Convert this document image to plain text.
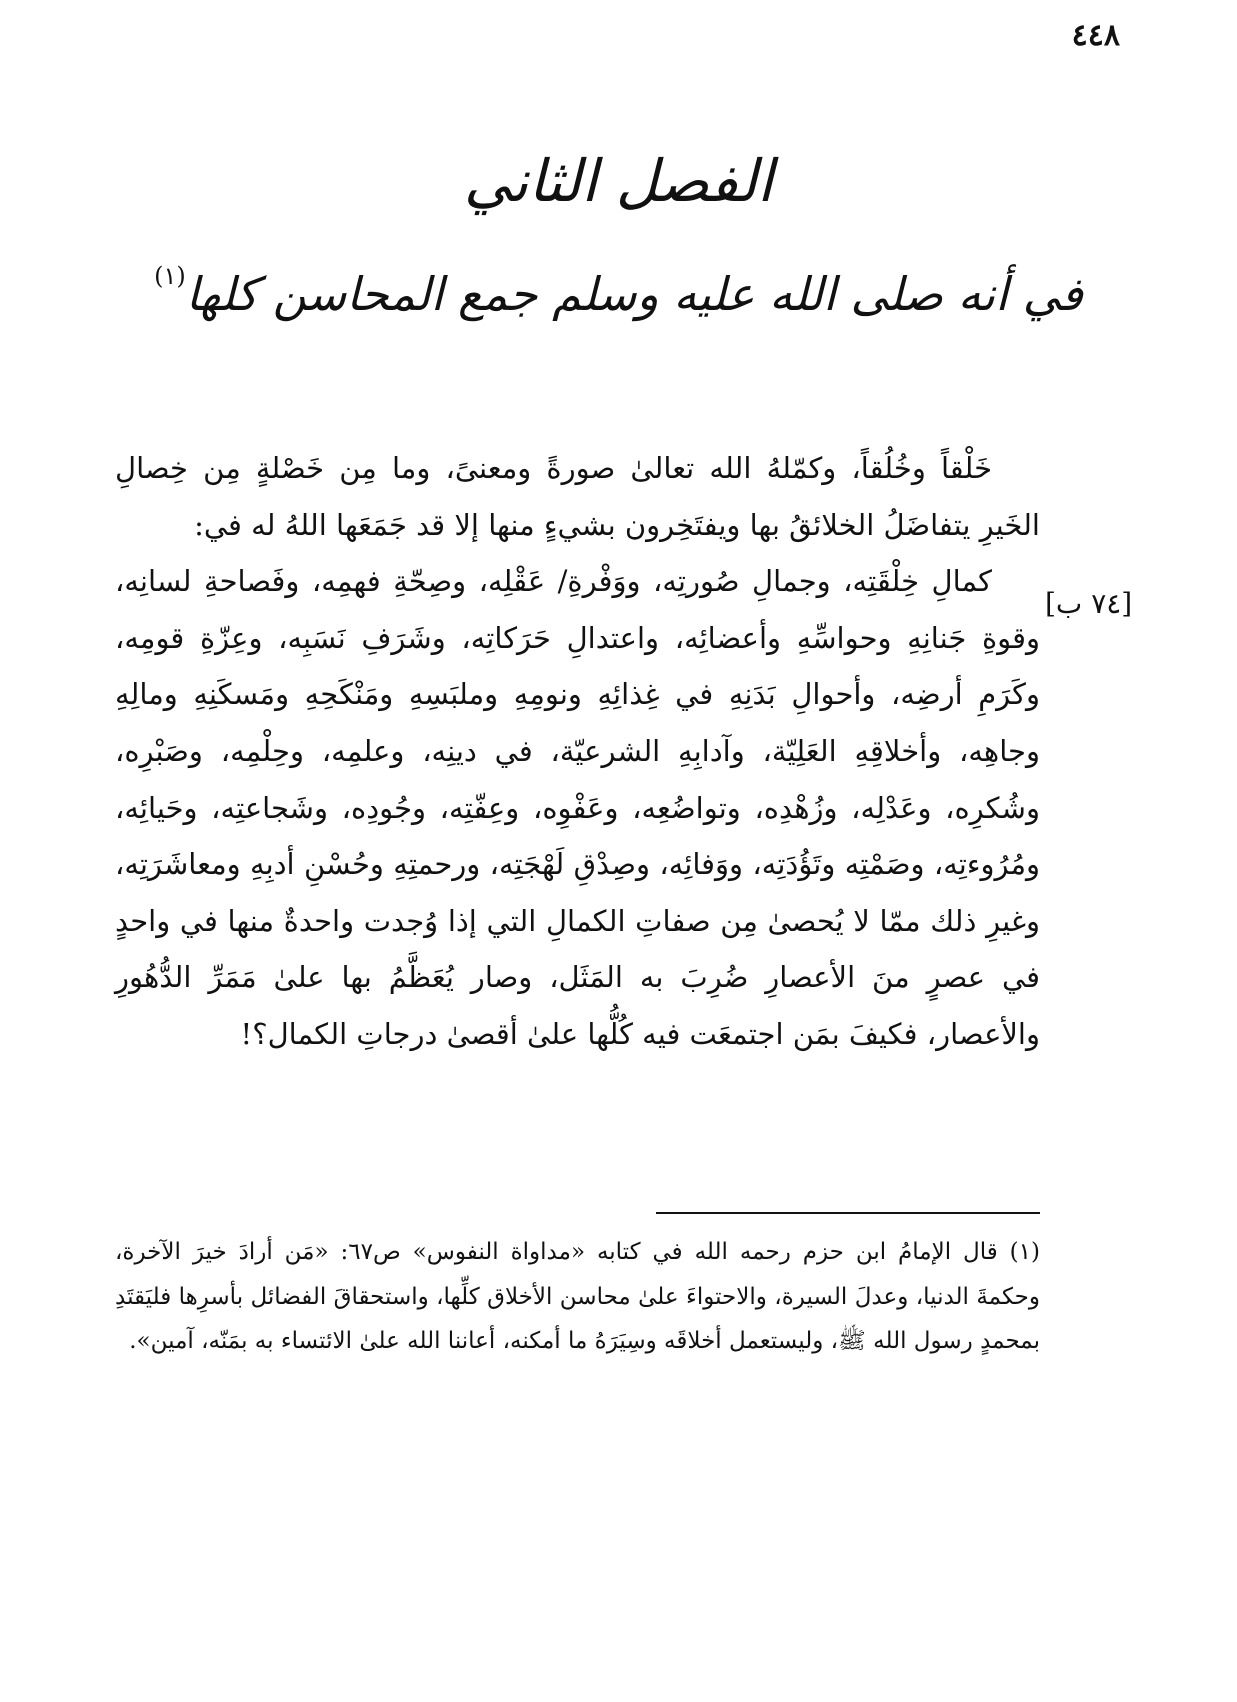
٤٤٨
الفصل الثاني
في أنه صلى الله عليه وسلم جمع المحاسن كلها$^{(١)}$
[٧٤ ب]

خَلْقاً وخُلُقاً، وكمّلهُ الله تعالىٰ صورةً ومعنىً، وما مِن خَصْلةٍ مِن خِصالِ الخَيرِ يتفاضَلُ الخلائقُ بها ويفتَخِرون بشيءٍ منها إلا قد جَمَعَها اللهُ له في:

كمالِ خِلْقَتِه، وجمالِ صُورتِه، ووَفْرةِ/ عَقْلِه، وصِحّةِ فهمِه، وفَصاحةِ لسانِه، وقوةِ جَنانِهِ وحواسِّهِ وأعضائِه، واعتدالِ حَرَكاتِه، وشَرَفِ نَسَبِه، وعِزّةِ قومِه، وكَرَمِ أرضِه، وأحوالِ بَدَنِهِ في غِذائِهِ ونومِهِ وملبَسِهِ ومَنْكَحِهِ ومَسكَنِهِ ومالِهِ وجاهِه، وأخلاقِهِ العَلِيّة، وآدابِهِ الشرعيّة، في دينِه، وعلمِه، وحِلْمِه، وصَبْرِه، وشُكرِه، وعَدْلِه، وزُهْدِه، وتواضُعِه، وعَفْوِه، وعِفّتِه، وجُودِه، وشَجاعتِه، وحَيائِه، ومُرُوءتِه، وصَمْتِه وتَؤُدَتِه، ووَفائِه، وصِدْقِ لَهْجَتِه، ورحمتِهِ وحُسْنِ أدبِهِ ومعاشَرَتِه، وغيرِ ذلك ممّا لا يُحصىٰ مِن صفاتِ الكمالِ التي إذا وُجدت واحدةٌ منها في واحدٍ في عصرٍ منَ الأعصارِ ضُرِبَ به المَثَل، وصار يُعَظَّمُ بها علىٰ مَمَرِّ الدُّهُورِ والأعصار، فكيفَ بمَن اجتمعَت فيه كُلُّها علىٰ أقصىٰ درجاتِ الكمال؟!

(١) قال الإمامُ ابن حزم رحمه الله في كتابه «مداواة النفوس» ص٦٧: «مَن أرادَ خيرَ الآخرة، وحكمةَ الدنيا، وعدلَ السيرة، والاحتواءَ علىٰ محاسن الأخلاق كلِّها، واستحقاقَ الفضائل بأسرِها فليَقتَدِ بمحمدٍ رسول الله ﷺ، وليستعمل أخلاقَه وسِيَرَهُ ما أمكنه، أعاننا الله علىٰ الائتساء به بمَنّه، آمين».
